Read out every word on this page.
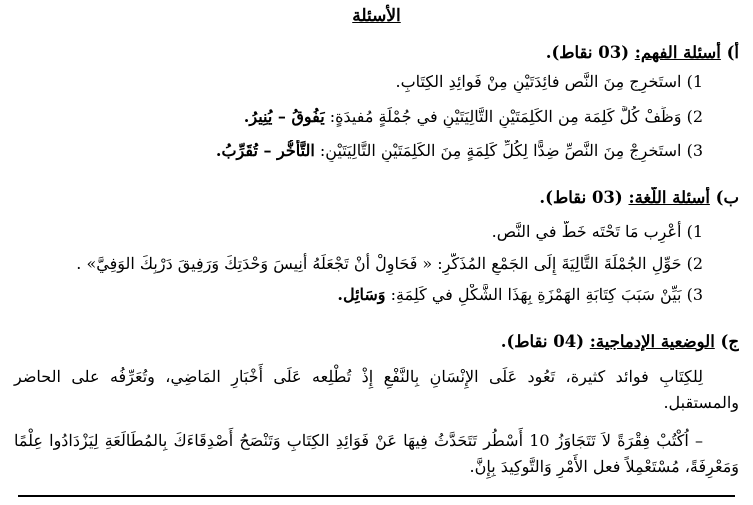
الأسئلة
أ) أسئلة الفهم: (03 نقاط).
1) استَخرِج مِنَ النَّص فائِدَتَيْنِ مِنْ فَوائِدِ الكِتَابِ.
2) وَظِّفْ كُلَّ كَلِمَة مِن الكَلِمَتَيْنِ التَّالِيَتَيْنِ في جُمْلَةٍ مُفيدَةٍ: يَفُوقُ – يُنِيرُ.
3) استَخرِجْ مِنَ النَّصِّ ضِدًّا لِكُلِّ كَلِمَةٍ مِنَ الكَلِمَتَيْنِ التَّالِيَتَيْنِ: التَّأَخُّر – تُقَرِّبُ.
ب) أسئلة اللُّغة: (03 نقاط).
1) أَعْرِب مَا تَحْتَه خَطٌّ في النَّص.
2) حَوِّلِ الجُمْلَةَ التَّالِيَةَ إِلَى الجَمْعِ المُذَكَّرِ: « فَحَاوِلْ أَنْ تَجْعَلَهُ أَنِيسَ وَحْدَتِكَ وَرَفِيقَ دَرْبِكَ الوَفِيَّ» .
3) بَيِّنْ سَبَبَ كِتَابَةِ الهَمْزَةِ بِهَذَا الشَّكْلِ في كَلِمَةِ: وَسَائِل.
ج) الوضعية الإدماجية: (04 نقاط).
لِلكِتَابِ فوائد كثيرة، تَعُود عَلَى الإِنْسَانِ بِالنَّفْعِ إِذْ تُطْلِعه عَلَى أَخْبَارِ المَاضِي، وتُعَرِّفُه على الحاضر والمستقبل.
– اُكْتُبْ فِقْرَةً لاَ تَتَجَاوَزُ 10 أَسْطُر تَتَحَدَّثُ فِيهَا عَنْ فَوَائِدِ الكِتَابِ وَتَنْصَحُ أَصْدِقَاءَكَ بِالمُطَالَعَةِ لِيَزْدَادُوا عِلْمًا وَمَعْرِفَةً، مُسْتَعْمِلاً فعل الأَمْرِ وَالتَّوكِيدَ بِإِنَّ.
